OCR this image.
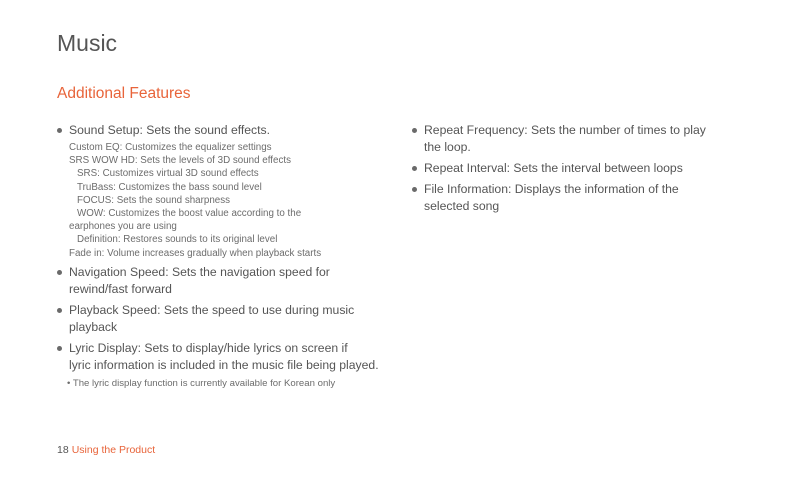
Music
Additional Features
Sound Setup: Sets the sound effects.
Custom EQ: Customizes the equalizer settings
SRS WOW HD: Sets the levels of 3D sound effects
SRS: Customizes virtual 3D sound effects
TruBass: Customizes the bass sound level
FOCUS: Sets the sound sharpness
WOW: Customizes the boost value according to the
earphones you are using
Definition: Restores sounds to its original level
Fade in: Volume increases gradually when playback starts
Navigation Speed: Sets the navigation speed for
rewind/fast forward
Playback Speed: Sets the speed to use during music
playback
Lyric Display: Sets to display/hide lyrics on screen if
lyric information is included in the music file being played.
• The lyric display function is currently available for Korean only
Repeat Frequency: Sets the number of times to play
the loop.
Repeat Interval: Sets the interval between loops
File Information: Displays the information of the
selected song
18 Using the Product
